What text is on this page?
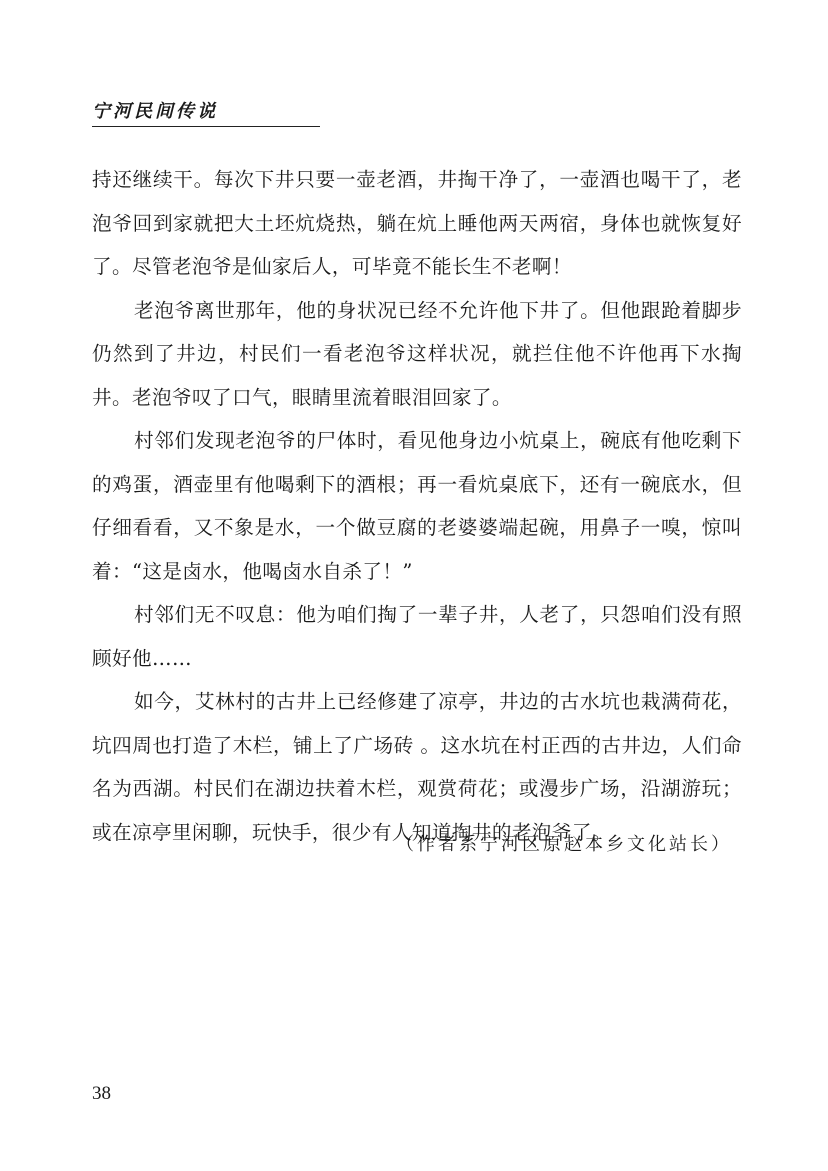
宁河民间传说

持还继续干。每次下井只要一壶老酒，井掏干净了，一壶酒也喝干了，老泡爷回到家就把大土坯炕烧热，躺在炕上睡他两天两宿，身体也就恢复好了。尽管老泡爷是仙家后人，可毕竟不能长生不老啊！

老泡爷离世那年，他的身状况已经不允许他下井了。但他跟跄着脚步仍然到了井边，村民们一看老泡爷这样状况，就拦住他不许他再下水掏井。老泡爷叹了口气，眼睛里流着眼泪回家了。

村邻们发现老泡爷的尸体时，看见他身边小炕桌上，碗底有他吃剩下的鸡蛋，酒壶里有他喝剩下的酒根；再一看炕桌底下，还有一碗底水，但仔细看看，又不象是水，一个做豆腐的老婆婆端起碗，用鼻子一嗅，惊叫着：“这是卤水，他喝卤水自杀了！”

村邻们无不叹息：他为咱们掏了一辈子井，人老了，只怨咱们没有照顾好他……

如今，艾林村的古井上已经修建了凉亭，井边的古水坑也栽满荷花，坑四周也打造了木栏，铺上了广场砖 。这水坑在村正西的古井边，人们命名为西湖。村民们在湖边扶着木栏，观赏荷花；或漫步广场，沿湖游玩；或在凉亭里闲聊，玩快手，很少有人知道掏井的老泡爷了。

（作者系宁河区原赵本乡文化站长）
38
